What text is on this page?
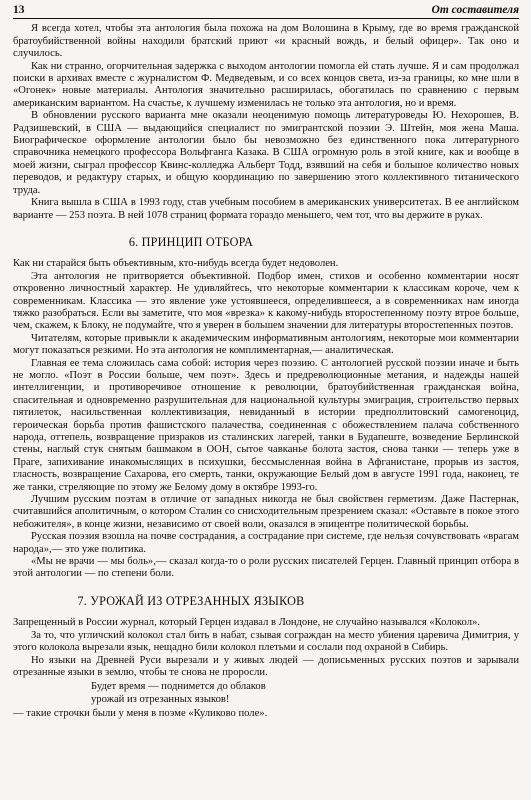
13	От составителя

Я всегда хотел, чтобы эта антология была похожа на дом Волошина в Крыму, где во время гражданской братоубийственной войны находили братский приют «и красный вождь, и белый офицер». Так оно и случилось.

Как ни странно, огорчительная задержка с выходом антологии помогла ей стать лучше. Я и сам продолжал поиски в архивах вместе с журналистом Ф. Медведевым, и со всех концов света, из-за границы, ко мне шли в «Огонек» новые материалы. Антология значительно расширилась, обогатилась по сравнению с первым американским вариантом. На счастье, к лучшему изменилась не только эта антология, но и время.

В обновлении русского варианта мне оказали неоценимую помощь литературоведы Ю. Нехорошев, В. Радзишевский, в США — выдающийся специалист по эмигрантской поэзии Э. Штейн, моя жена Маша. Биографическое оформление антологии было бы невозможно без единственного пока литературного справочника немецкого профессора Вольфганга Казака. В США огромную роль в этой книге, как и вообще в моей жизни, сыграл профессор Квинс-колледжа Альберт Тодд, взявший на себя и большое количество новых переводов, и редактуру старых, и общую координацию по завершению этого коллективного титанического труда.

Книга вышла в США в 1993 году, став учебным пособием в американских университетах. В ее английском варианте — 253 поэта. В ней 1078 страниц формата гораздо меньшего, чем тот, что вы держите в руках.

6. ПРИНЦИП ОТБОРА

Как ни старайся быть объективным, кто-нибудь всегда будет недоволен.

Эта антология не притворяется объективной. Подбор имен, стихов и особенно комментарии носят откровенно личностный характер. Не удивляйтесь, что некоторые комментарии к классикам короче, чем к современникам. Классика — это явление уже устоявшееся, определившееся, а в современниках нам иногда тяжко разобраться. Если вы заметите, что моя «врезка» к какому-нибудь второстепенному поэту втрое больше, чем, скажем, к Блоку, не подумайте, что я уверен в большем значении для литературы второстепенных поэтов.

Читателям, которые привыкли к академическим информативным антологиям, некоторые мои комментарии могут показаться резкими. Но эта антология не комплиментарная,— аналитическая.

Главная ее тема сложилась сама собой: история через поэзию. С антологией русской поэзии иначе и быть не могло. «Поэт в России больше, чем поэт». Здесь и предреволюционные метания, и надежды нашей интеллигенции, и противоречивое отношение к революции, братоубийственная гражданская война, спасительная и одновременно разрушительная для национальной культуры эмиграция, строительство первых пятилеток, насильственная коллективизация, невиданный в истории предполлитовский самогеноцид, героическая борьба против фашистского палачества, соединенная с обожествлением палача собственного народа, оттепель, возвращение призраков из сталинских лагерей, танки в Будапеште, возведение Берлинской стены, наглый стук снятым башмаком в ООН, сытое чавканье болота застоя, снова танки — теперь уже в Праге, запихивание инакомыслящих в психушки, бессмысленная война в Афганистане, прорыв из застоя, гласность, возвращение Сахарова, его смерть, танки, окружающие Белый дом в августе 1991 года, наконец, те же танки, стреляющие по этому же Белому дому в октябре 1993-го.

Лучшим русским поэтам в отличие от западных никогда не был свойствен герметизм. Даже Пастернак, считавшийся аполитичным, о котором Сталин со снисходительным презрением сказал: «Оставьте в покое этого небожителя», в конце жизни, независимо от своей воли, оказался в эпицентре политической борьбы.

Русская поэзия взошла на почве сострадания, а сострадание при системе, где нельзя сочувствовать «врагам народа»,— это уже политика.

«Мы не врачи — мы боль»,— сказал когда-то о роли русских писателей Герцен. Главный принцип отбора в этой антологии — по степени боли.

7. УРОЖАЙ ИЗ ОТРЕЗАННЫХ ЯЗЫКОВ

Запрещенный в России журнал, который Герцен издавал в Лондоне, не случайно назывался «Колокол».

За то, что угличский колокол стал бить в набат, сзывая сограждан на место убиения царевича Димитрия, у этого колокола вырезали язык, нещадно били колокол плетьми и сослали под охраной в Сибирь.

Но языки на Древней Руси вырезали и у живых людей — дописьменных русских поэтов и зарывали отрезанные языки в землю, чтобы те снова не проросли.

Будет время — поднимется до облаков
урожай из отрезанных языков!

— такие строчки были у меня в поэме «Куликово поле».
